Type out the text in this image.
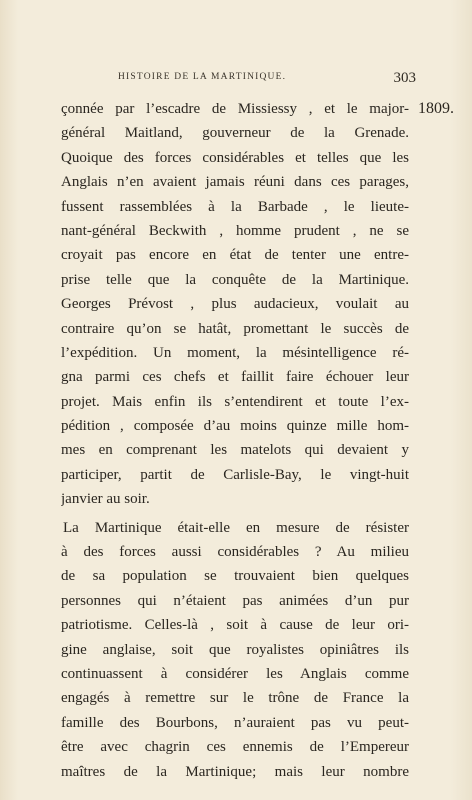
HISTOIRE DE LA MARTINIQUE.	303
1809.
çonnée par l’escadre de Missiessy , et le major-
général Maitland, gouverneur de la Grenade.
Quoique des forces considérables et telles que les
Anglais n’en avaient jamais réuni dans ces parages,
fussent rassemblées à la Barbade , le lieute-
nant-général Beckwith , homme prudent , ne se
croyait pas encore en état de tenter une entre-
prise telle que la conquête de la Martinique.
Georges Prévost , plus audacieux, voulait au
contraire qu’on se hatât, promettant le succès de
l’expédition. Un moment, la mésintelligence ré-
gna parmi ces chefs et faillit faire échouer leur
projet. Mais enfin ils s’entendirent et toute l’ex-
pédition , composée d’au moins quinze mille hom-
mes en comprenant les matelots qui devaient y
participer, partit de Carlisle-Bay, le vingt-huit
janvier au soir.
La Martinique était-elle en mesure de résister
à des forces aussi considérables ? Au milieu
de sa population se trouvaient bien quelques
personnes qui n’étaient pas animées d’un pur
patriotisme. Celles-là , soit à cause de leur ori-
gine anglaise, soit que royalistes opiniâtres ils
continuassent à considérer les Anglais comme
engagés à remettre sur le trône de France la
famille des Bourbons, n’auraient pas vu peut-
être avec chagrin ces ennemis de l’Empereur
maîtres de la Martinique; mais leur nombre
